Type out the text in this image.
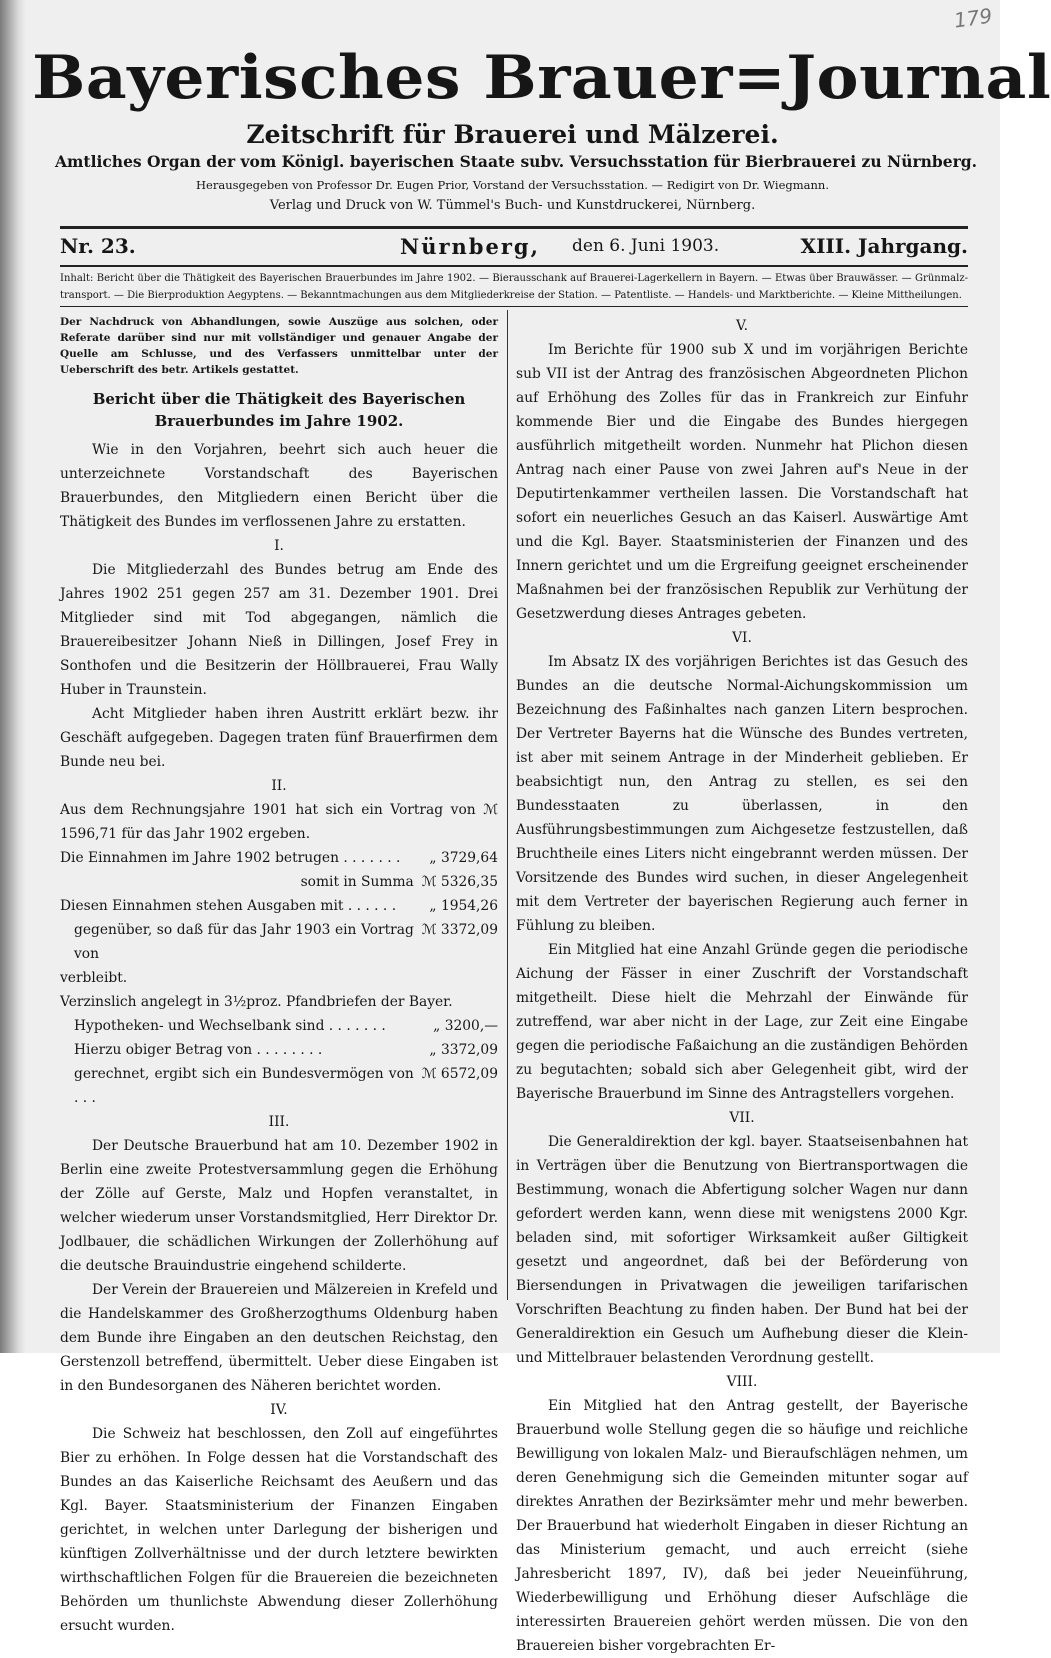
179
Bayerisches Brauer=Journal
Zeitschrift für Brauerei und Mälzerei.
Amtliches Organ der vom Königl. bayerischen Staate subv. Versuchsstation für Bierbrauerei zu Nürnberg.
Herausgegeben von Professor Dr. Eugen Prior, Vorstand der Versuchsstation. — Redigirt von Dr. Wiegmann.
Verlag und Druck von W. Tümmel's Buch- und Kunstdruckerei, Nürnberg.
Nr. 23.	Nürnberg, den 6. Juni 1903.	XIII. Jahrgang.
Inhalt: Bericht über die Thätigkeit des Bayerischen Brauerbundes im Jahre 1902. — Bierausschank auf Brauerei-Lagerkellern in Bayern. — Etwas über Brauwässer. — Grünmalz-transport. — Die Bierproduktion Aegyptens. — Bekanntmachungen aus dem Mitgliederkreise der Station. — Patentliste. — Handels- und Marktberichte. — Kleine Mittheilungen.
Der Nachdruck von Abhandlungen, sowie Auszüge aus solchen, oder Referate darüber sind nur mit vollständiger und genauer Angabe der Quelle am Schlusse, und des Verfassers unmittelbar unter der Ueberschrift des betr. Artikels gestattet.
Bericht über die Thätigkeit des Bayerischen Brauerbundes im Jahre 1902.

Wie in den Vorjahren, beehrt sich auch heuer die unterzeichnete Vorstandschaft des Bayerischen Brauerbundes, den Mitgliedern einen Bericht über die Thätigkeit des Bundes im verflossenen Jahre zu erstatten.

I.

Die Mitgliederzahl des Bundes betrug am Ende des Jahres 1902 251 gegen 257 am 31. Dezember 1901. Drei Mitglieder sind mit Tod abgegangen, nämlich die Brauereibesitzer Johann Nieß in Dillingen, Josef Frey in Sonthofen und die Besitzerin der Höllbrauerei, Frau Wally Huber in Traunstein.

Acht Mitglieder haben ihren Austritt erklärt bezw. ihr Geschäft aufgegeben. Dagegen traten fünf Brauerfirmen dem Bunde neu bei.

II.
Aus dem Rechnungsjahre 1901 hat sich ein Vortrag von ℳ 1596,71 für das Jahr 1902 ergeben.
Die Einnahmen im Jahre 1902 betrugen . . . . . . .	„ 3729,64
somit in Summa ℳ 5326,35
Diesen Einnahmen stehen Ausgaben mit . . . . . .	„ 1954,26
gegenüber, so daß für das Jahr 1903 ein Vortrag von
ℳ 3372,09
verbleibt.
Verzinslich angelegt in 3½proz. Pfandbriefen der Bayer.
Hypotheken- und Wechselbank sind . . . . . . .	„ 3200,—
Hierzu obiger Betrag von . . . . . . . .	„ 3372,09
gerechnet, ergibt sich ein Bundesvermögen von . . .
ℳ 6572,09
III.

Der Deutsche Brauerbund hat am 10. Dezember 1902 in Berlin eine zweite Protestversammlung gegen die Erhöhung der Zölle auf Gerste, Malz und Hopfen veranstaltet, in welcher wiederum unser Vorstandsmitglied, Herr Direktor Dr. Jodlbauer, die schädlichen Wirkungen der Zollerhöhung auf die deutsche Brauindustrie eingehend schilderte.

Der Verein der Brauereien und Mälzereien in Krefeld und die Handelskammer des Großherzogthums Oldenburg haben dem Bunde ihre Eingaben an den deutschen Reichstag, den Gerstenzoll betreffend, übermittelt. Ueber diese Eingaben ist in den Bundesorganen des Näheren berichtet worden.

IV.

Die Schweiz hat beschlossen, den Zoll auf eingeführtes Bier zu erhöhen. In Folge dessen hat die Vorstandschaft des Bundes an das Kaiserliche Reichsamt des Aeußern und das Kgl. Bayer. Staatsministerium der Finanzen Eingaben gerichtet, in welchen unter Darlegung der bisherigen und künftigen Zollverhältnisse und der durch letztere bewirkten wirthschaftlichen Folgen für die Brauereien die bezeichneten Behörden um thunlichste Abwendung dieser Zollerhöhung ersucht wurden.

V.

Im Berichte für 1900 sub X und im vorjährigen Berichte sub VII ist der Antrag des französischen Abgeordneten Plichon auf Erhöhung des Zolles für das in Frankreich zur Einfuhr kommende Bier und die Eingabe des Bundes hiergegen ausführlich mitgetheilt worden. Nunmehr hat Plichon diesen Antrag nach einer Pause von zwei Jahren auf's Neue in der Deputirtenkammer vertheilen lassen. Die Vorstandschaft hat sofort ein neuerliches Gesuch an das Kaiserl. Auswärtige Amt und die Kgl. Bayer. Staatsministerien der Finanzen und des Innern gerichtet und um die Ergreifung geeignet erscheinender Maßnahmen bei der französischen Republik zur Verhütung der Gesetzwerdung dieses Antrages gebeten.

VI.

Im Absatz IX des vorjährigen Berichtes ist das Gesuch des Bundes an die deutsche Normal-Aichungskommission um Bezeichnung des Faßinhaltes nach ganzen Litern besprochen. Der Vertreter Bayerns hat die Wünsche des Bundes vertreten, ist aber mit seinem Antrage in der Minderheit geblieben. Er beabsichtigt nun, den Antrag zu stellen, es sei den Bundesstaaten zu überlassen, in den Ausführungsbestimmungen zum Aichgesetze festzustellen, daß Bruchtheile eines Liters nicht eingebrannt werden müssen. Der Vorsitzende des Bundes wird suchen, in dieser Angelegenheit mit dem Vertreter der bayerischen Regierung auch ferner in Fühlung zu bleiben.

Ein Mitglied hat eine Anzahl Gründe gegen die periodische Aichung der Fässer in einer Zuschrift der Vorstandschaft mitgetheilt. Diese hielt die Mehrzahl der Einwände für zutreffend, war aber nicht in der Lage, zur Zeit eine Eingabe gegen die periodische Faßaichung an die zuständigen Behörden zu begutachten; sobald sich aber Gelegenheit gibt, wird der Bayerische Brauerbund im Sinne des Antragstellers vorgehen.

VII.

Die Generaldirektion der kgl. bayer. Staatseisenbahnen hat in Verträgen über die Benutzung von Biertransportwagen die Bestimmung, wonach die Abfertigung solcher Wagen nur dann gefordert werden kann, wenn diese mit wenigstens 2000 Kgr. beladen sind, mit sofortiger Wirksamkeit außer Giltigkeit gesetzt und angeordnet, daß bei der Beförderung von Biersendungen in Privatwagen die jeweiligen tarifarischen Vorschriften Beachtung zu finden haben. Der Bund hat bei der Generaldirektion ein Gesuch um Aufhebung dieser die Klein- und Mittelbrauer belastenden Verordnung gestellt.

VIII.

Ein Mitglied hat den Antrag gestellt, der Bayerische Brauerbund wolle Stellung gegen die so häufige und reichliche Bewilligung von lokalen Malz- und Bieraufschlägen nehmen, um deren Genehmigung sich die Gemeinden mitunter sogar auf direktes Anrathen der Bezirksämter mehr und mehr bewerben. Der Brauerbund hat wiederholt Eingaben in dieser Richtung an das Ministerium gemacht, und auch erreicht (siehe Jahresbericht 1897, IV), daß bei jeder Neueinführung, Wiederbewilligung und Erhöhung dieser Aufschläge die interessirten Brauereien gehört werden müssen. Die von den Brauereien bisher vorgebrachten Er-
